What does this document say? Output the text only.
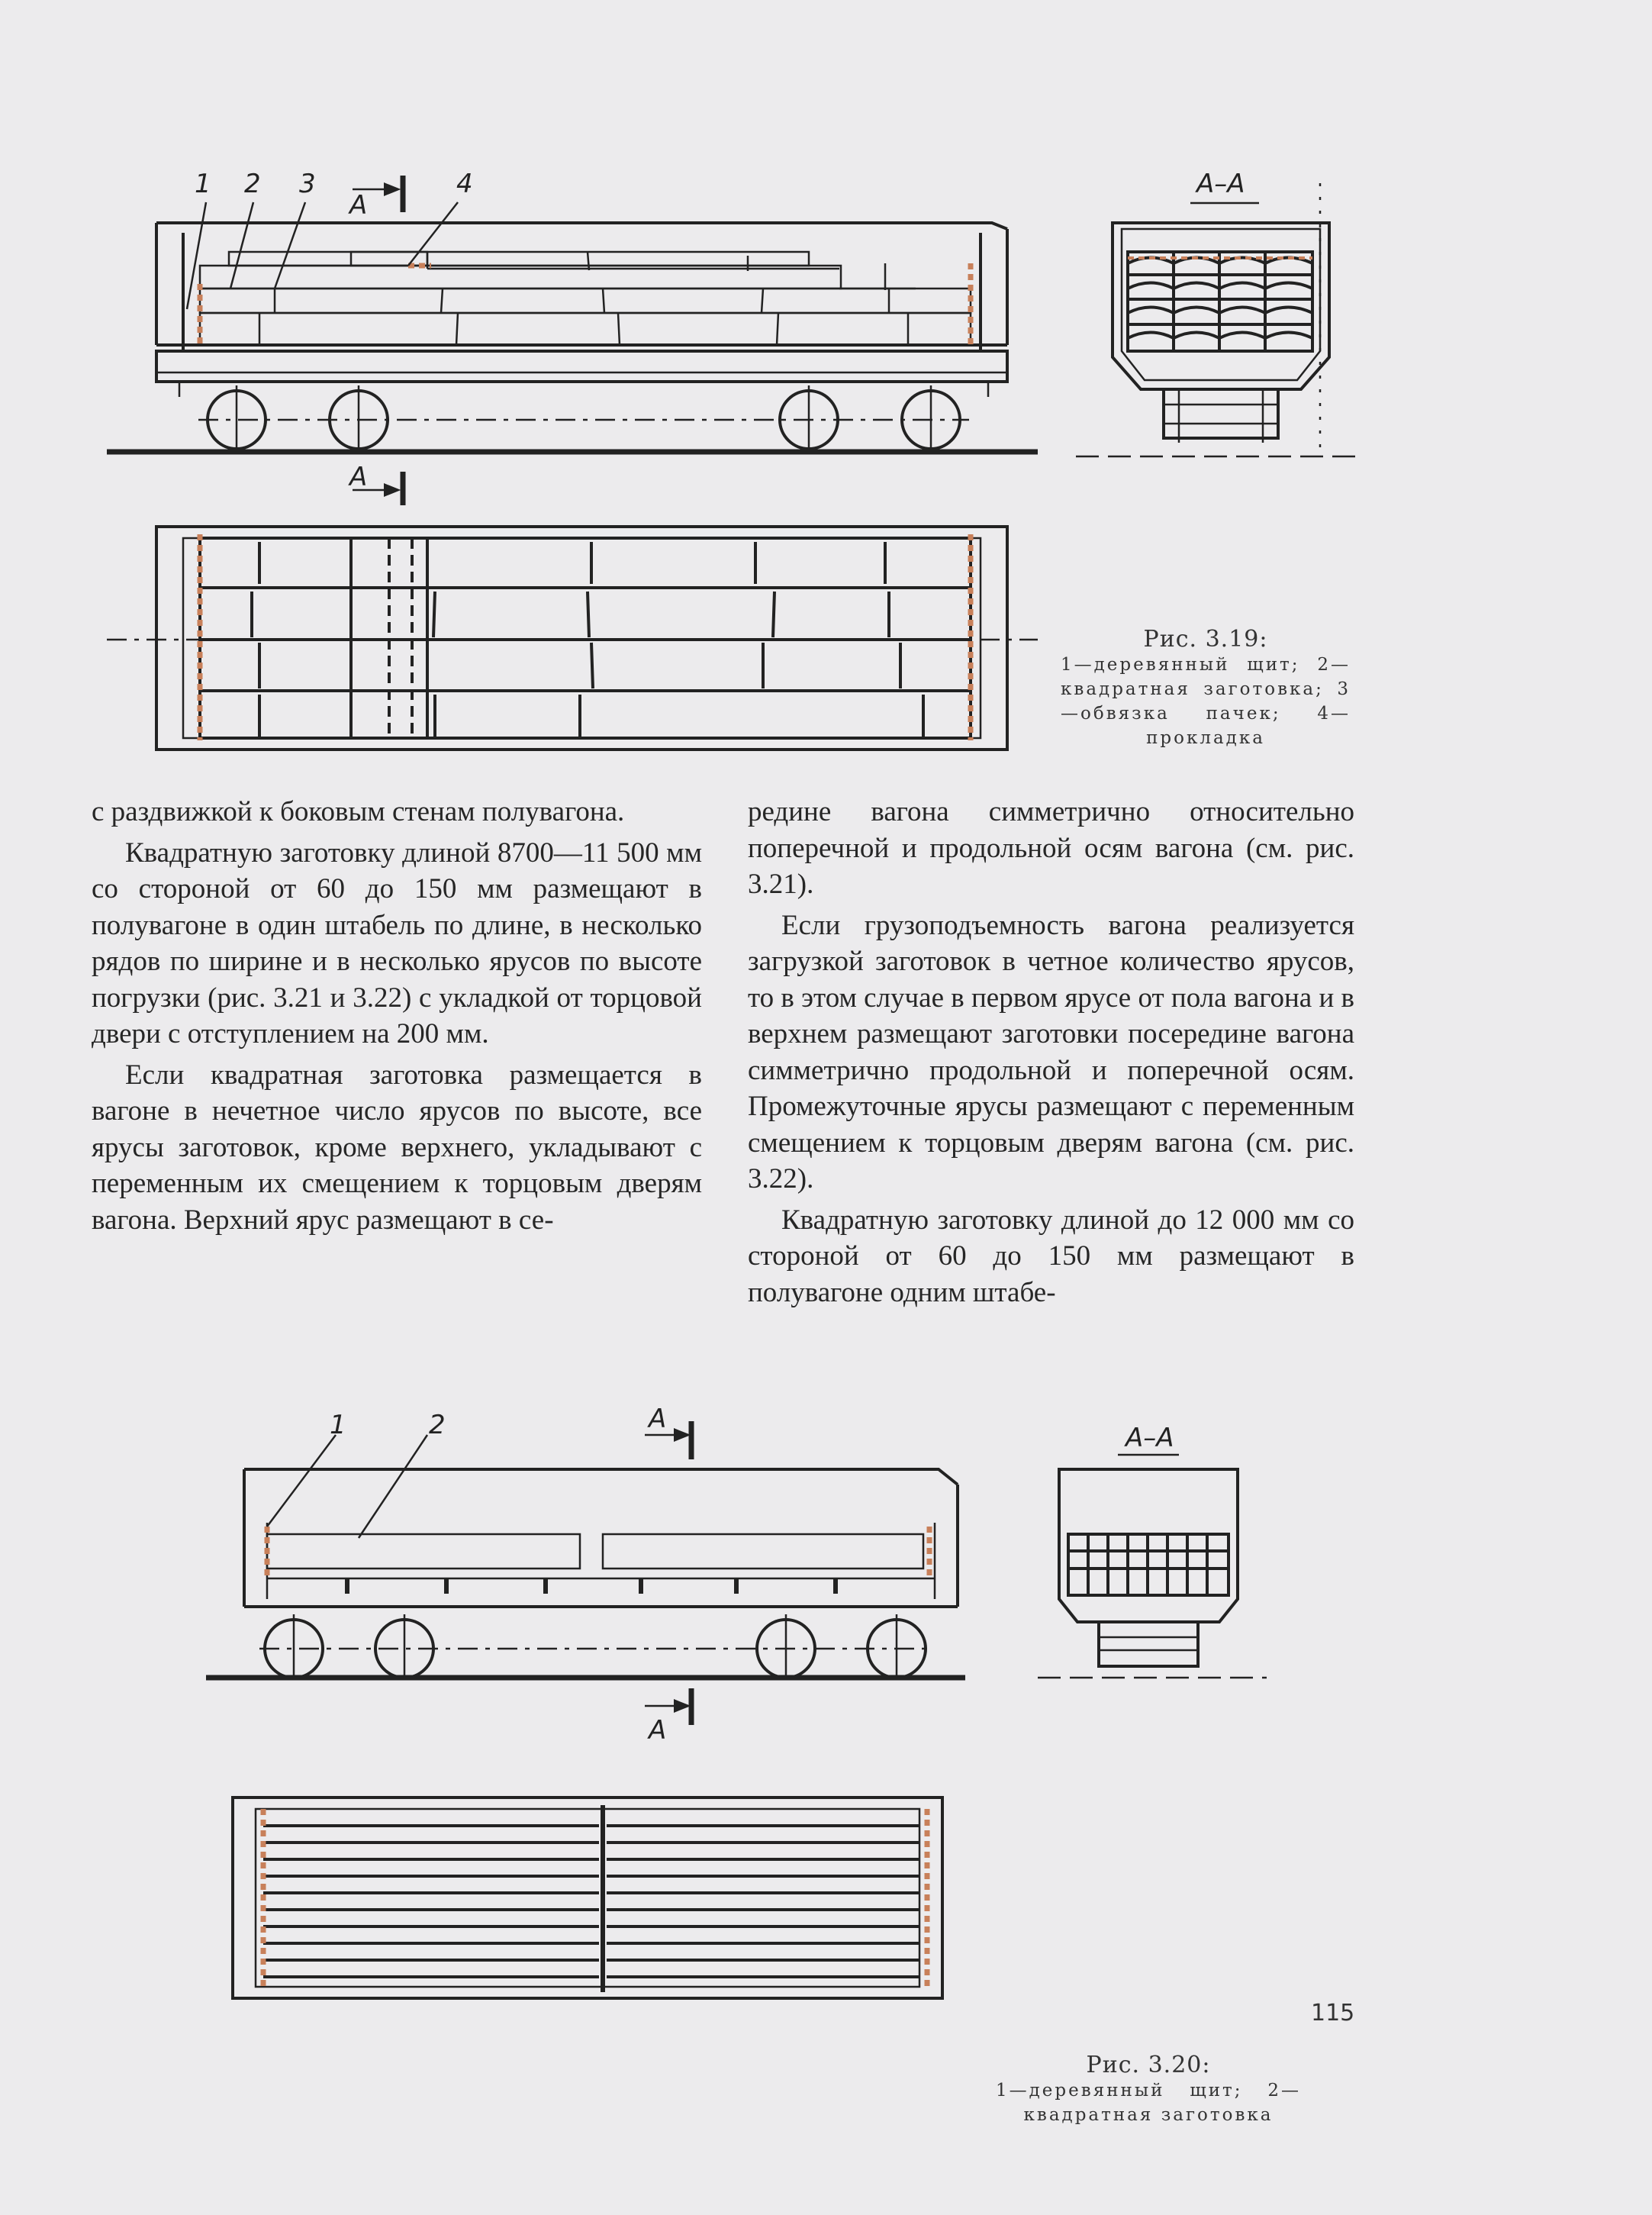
1 2 3	4
A
A
А–А
Рис. 3.19:
1—деревянный щит; 2—квадратная заготовка; 3—обвязка пачек; 4—прокладка

с раздвижкой к боковым стенам полувагона.

Квадратную заготовку длиной 8700—11 500 мм со стороной от 60 до 150 мм размещают в полувагоне в один штабель по длине, в несколько рядов по ширине и в несколько ярусов по высоте погрузки (рис. 3.21 и 3.22) с укладкой от торцовой двери с отступлением на 200 мм.

Если квадратная заготовка размещается в вагоне в нечетное число ярусов по высоте, все ярусы заготовок, кроме верхнего, укладывают с переменным их смещением к торцовым дверям вагона. Верхний ярус размещают в се-

редине вагона симметрично относительно поперечной и продольной осям вагона (см. рис. 3.21).

Если грузоподъемность вагона реализуется загрузкой заготовок в четное количество ярусов, то в этом случае в первом ярусе от пола вагона и в верхнем размещают заготовки посередине вагона симметрично продольной и поперечной осям. Промежуточные ярусы размещают с переменным смещением к торцовым дверям вагона (см. рис. 3.22).

Квадратную заготовку длиной до 12 000 мм со стороной от 60 до 150 мм размещают в полувагоне одним штабе-

1	2	A
A
А–А
Рис. 3.20:
1—деревянный щит; 2—квадратная заготовка
115
